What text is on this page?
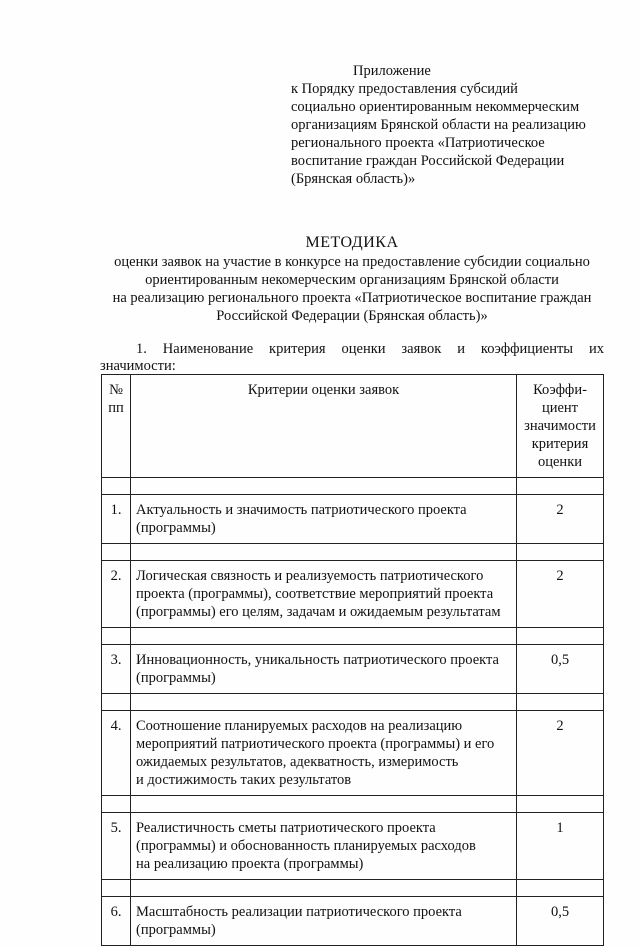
Приложение
к Порядку предоставления субсидий
социально ориентированным некоммерческим
организациям Брянской области на реализацию
регионального проекта «Патриотическое
воспитание граждан Российской Федерации
(Брянская область)»
МЕТОДИКА
оценки заявок на участие в конкурсе на предоставление субсидии социально
ориентированным некомерческим организациям Брянской области
на реализацию регионального проекта «Патриотическое воспитание граждан
Российской Федерации (Брянская область)»
1. Наименование критерия оценки заявок и коэффициенты их
значимости:
№ пп	Критерии оценки заявок	Коэффи-
циент
значимости
критерия
оценки

1.	Актуальность и значимость патриотического проекта
(программы)	2

2.	Логическая связность и реализуемость патриотического
проекта (программы), соответствие мероприятий проекта
(программы) его целям, задачам и ожидаемым результатам	2

3.	Инновационность, уникальность патриотического проекта
(программы)	0,5

4.	Соотношение планируемых расходов на реализацию
мероприятий патриотического проекта (программы) и его
ожидаемых результатов, адекватность, измеримость
и достижимость таких результатов	2

5.	Реалистичность сметы патриотического проекта
(программы) и обоснованность планируемых расходов
на реализацию проекта (программы)	1

6.	Масштабность реализации патриотического проекта
(программы)	0,5
